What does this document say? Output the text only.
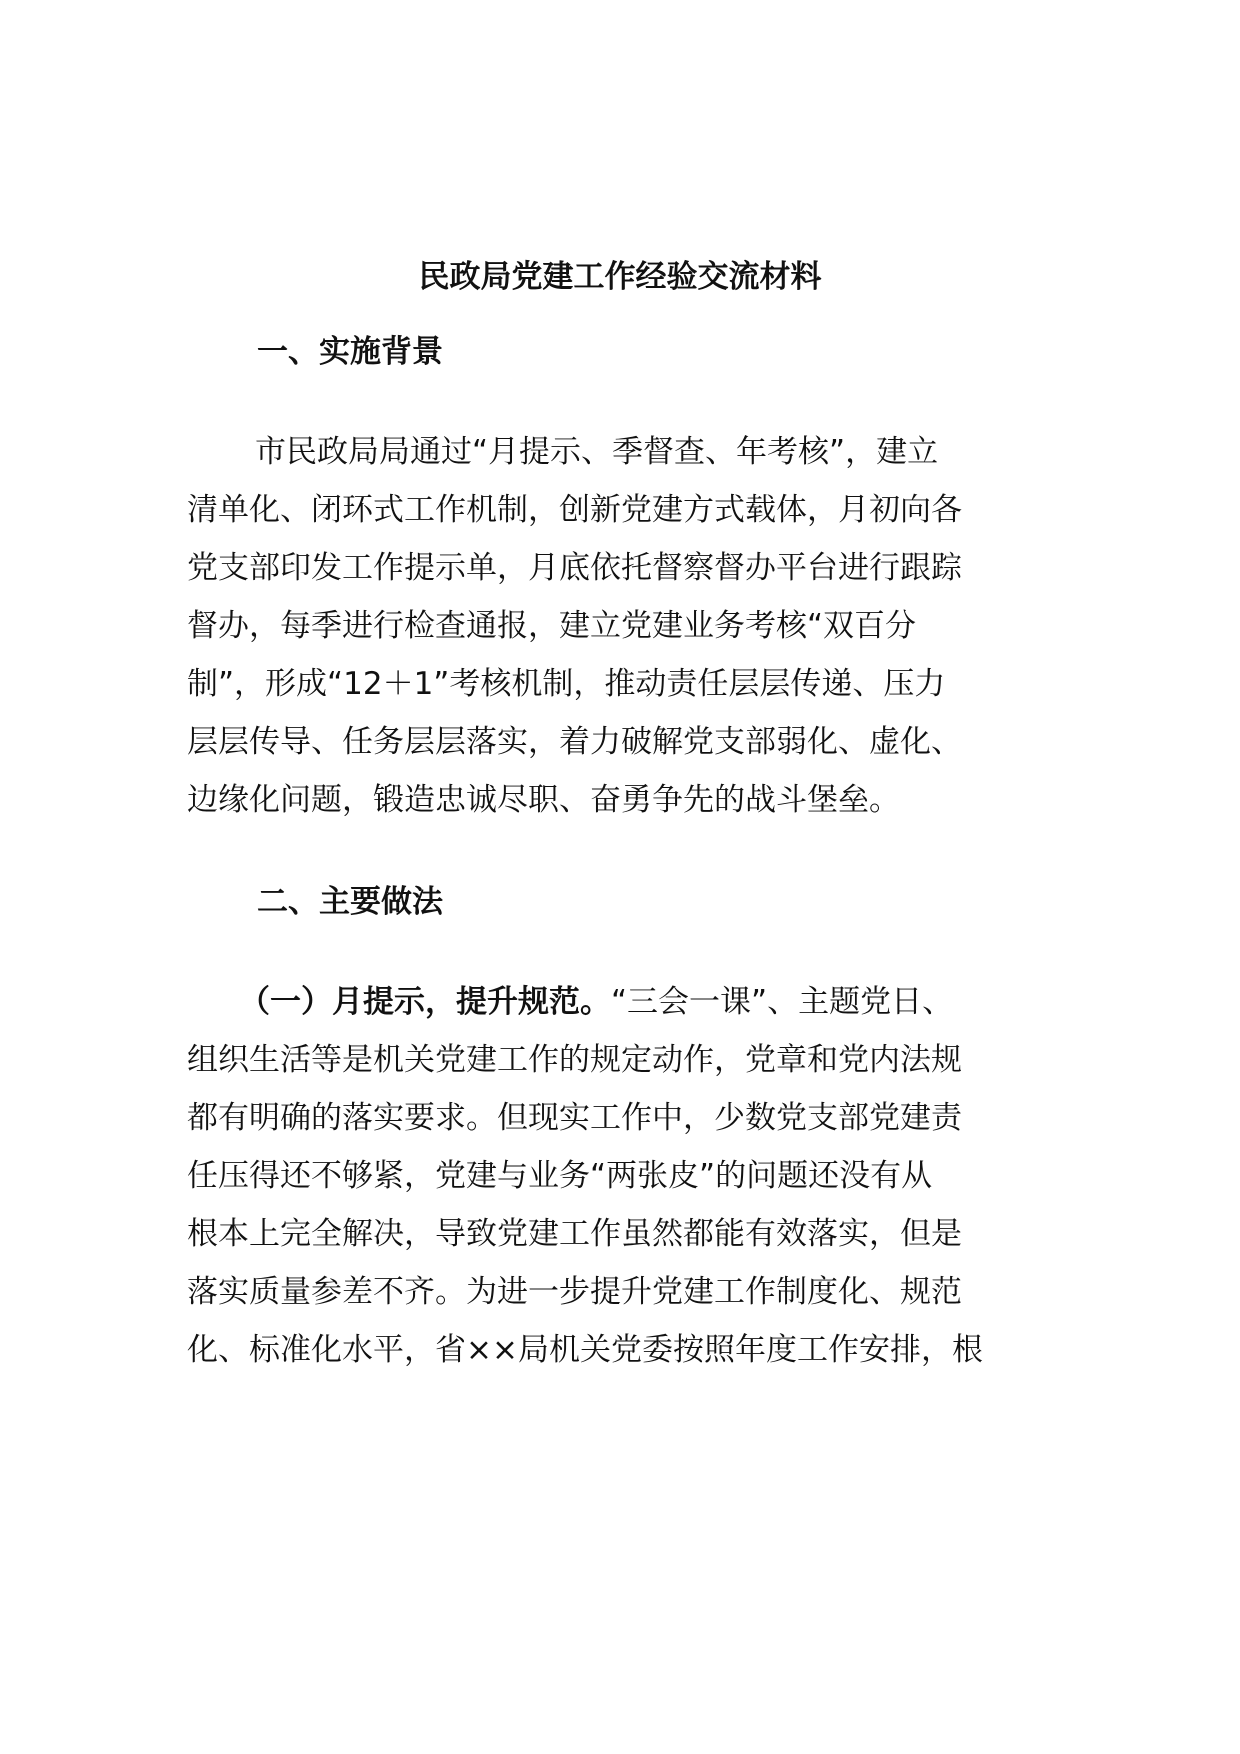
民政局党建工作经验交流材料
一、实施背景

市民政局局通过“月提示、季督查、年考核”，建立

清单化、闭环式工作机制，创新党建方式载体，月初向各

党支部印发工作提示单，月底依托督察督办平台进行跟踪

督办，每季进行检查通报，建立党建业务考核“双百分

制”，形成“12＋1”考核机制，推动责任层层传递、压力

层层传导、任务层层落实，着力破解党支部弱化、虚化、

边缘化问题，锻造忠诚尽职、奋勇争先的战斗堡垒。

二、主要做法

（一）月提示，提升规范。“三会一课”、主题党日、

组织生活等是机关党建工作的规定动作，党章和党内法规

都有明确的落实要求。但现实工作中，少数党支部党建责

任压得还不够紧，党建与业务“两张皮”的问题还没有从

根本上完全解决，导致党建工作虽然都能有效落实，但是

落实质量参差不齐。为进一步提升党建工作制度化、规范

化、标准化水平，省××局机关党委按照年度工作安排，根
